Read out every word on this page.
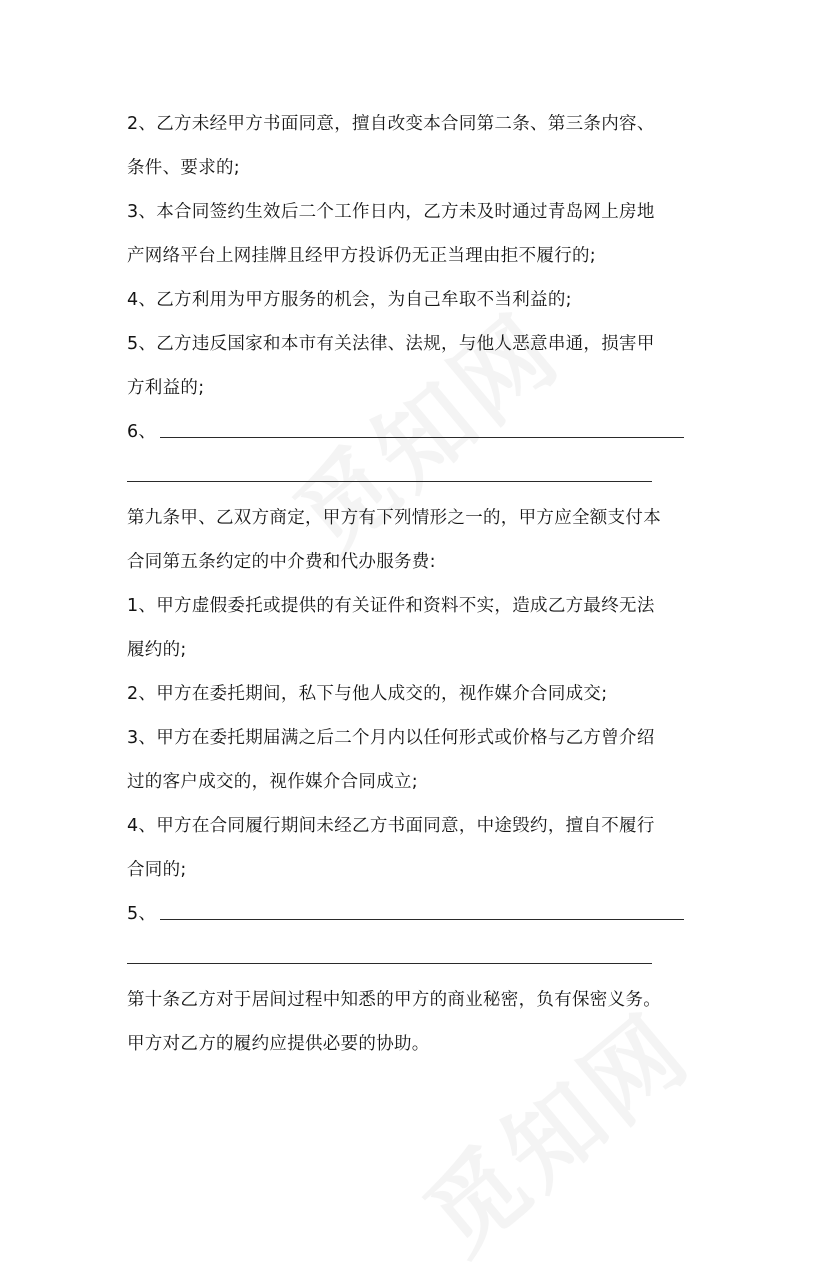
2、乙方未经甲方书面同意，擅自改变本合同第二条、第三条内容、
条件、要求的;
3、本合同签约生效后二个工作日内，乙方未及时通过青岛网上房地
产网络平台上网挂牌且经甲方投诉仍无正当理由拒不履行的;
4、乙方利用为甲方服务的机会，为自己牟取不当利益的;
5、乙方违反国家和本市有关法律、法规，与他人恶意串通，损害甲
方利益的;
6、
第九条甲、乙双方商定，甲方有下列情形之一的，甲方应全额支付本
合同第五条约定的中介费和代办服务费:
1、甲方虚假委托或提供的有关证件和资料不实，造成乙方最终无法
履约的;
2、甲方在委托期间，私下与他人成交的，视作媒介合同成交;
3、甲方在委托期届满之后二个月内以任何形式或价格与乙方曾介绍
过的客户成交的，视作媒介合同成立;
4、甲方在合同履行期间未经乙方书面同意，中途毁约，擅自不履行
合同的;
5、
第十条乙方对于居间过程中知悉的甲方的商业秘密，负有保密义务。
甲方对乙方的履约应提供必要的协助。
